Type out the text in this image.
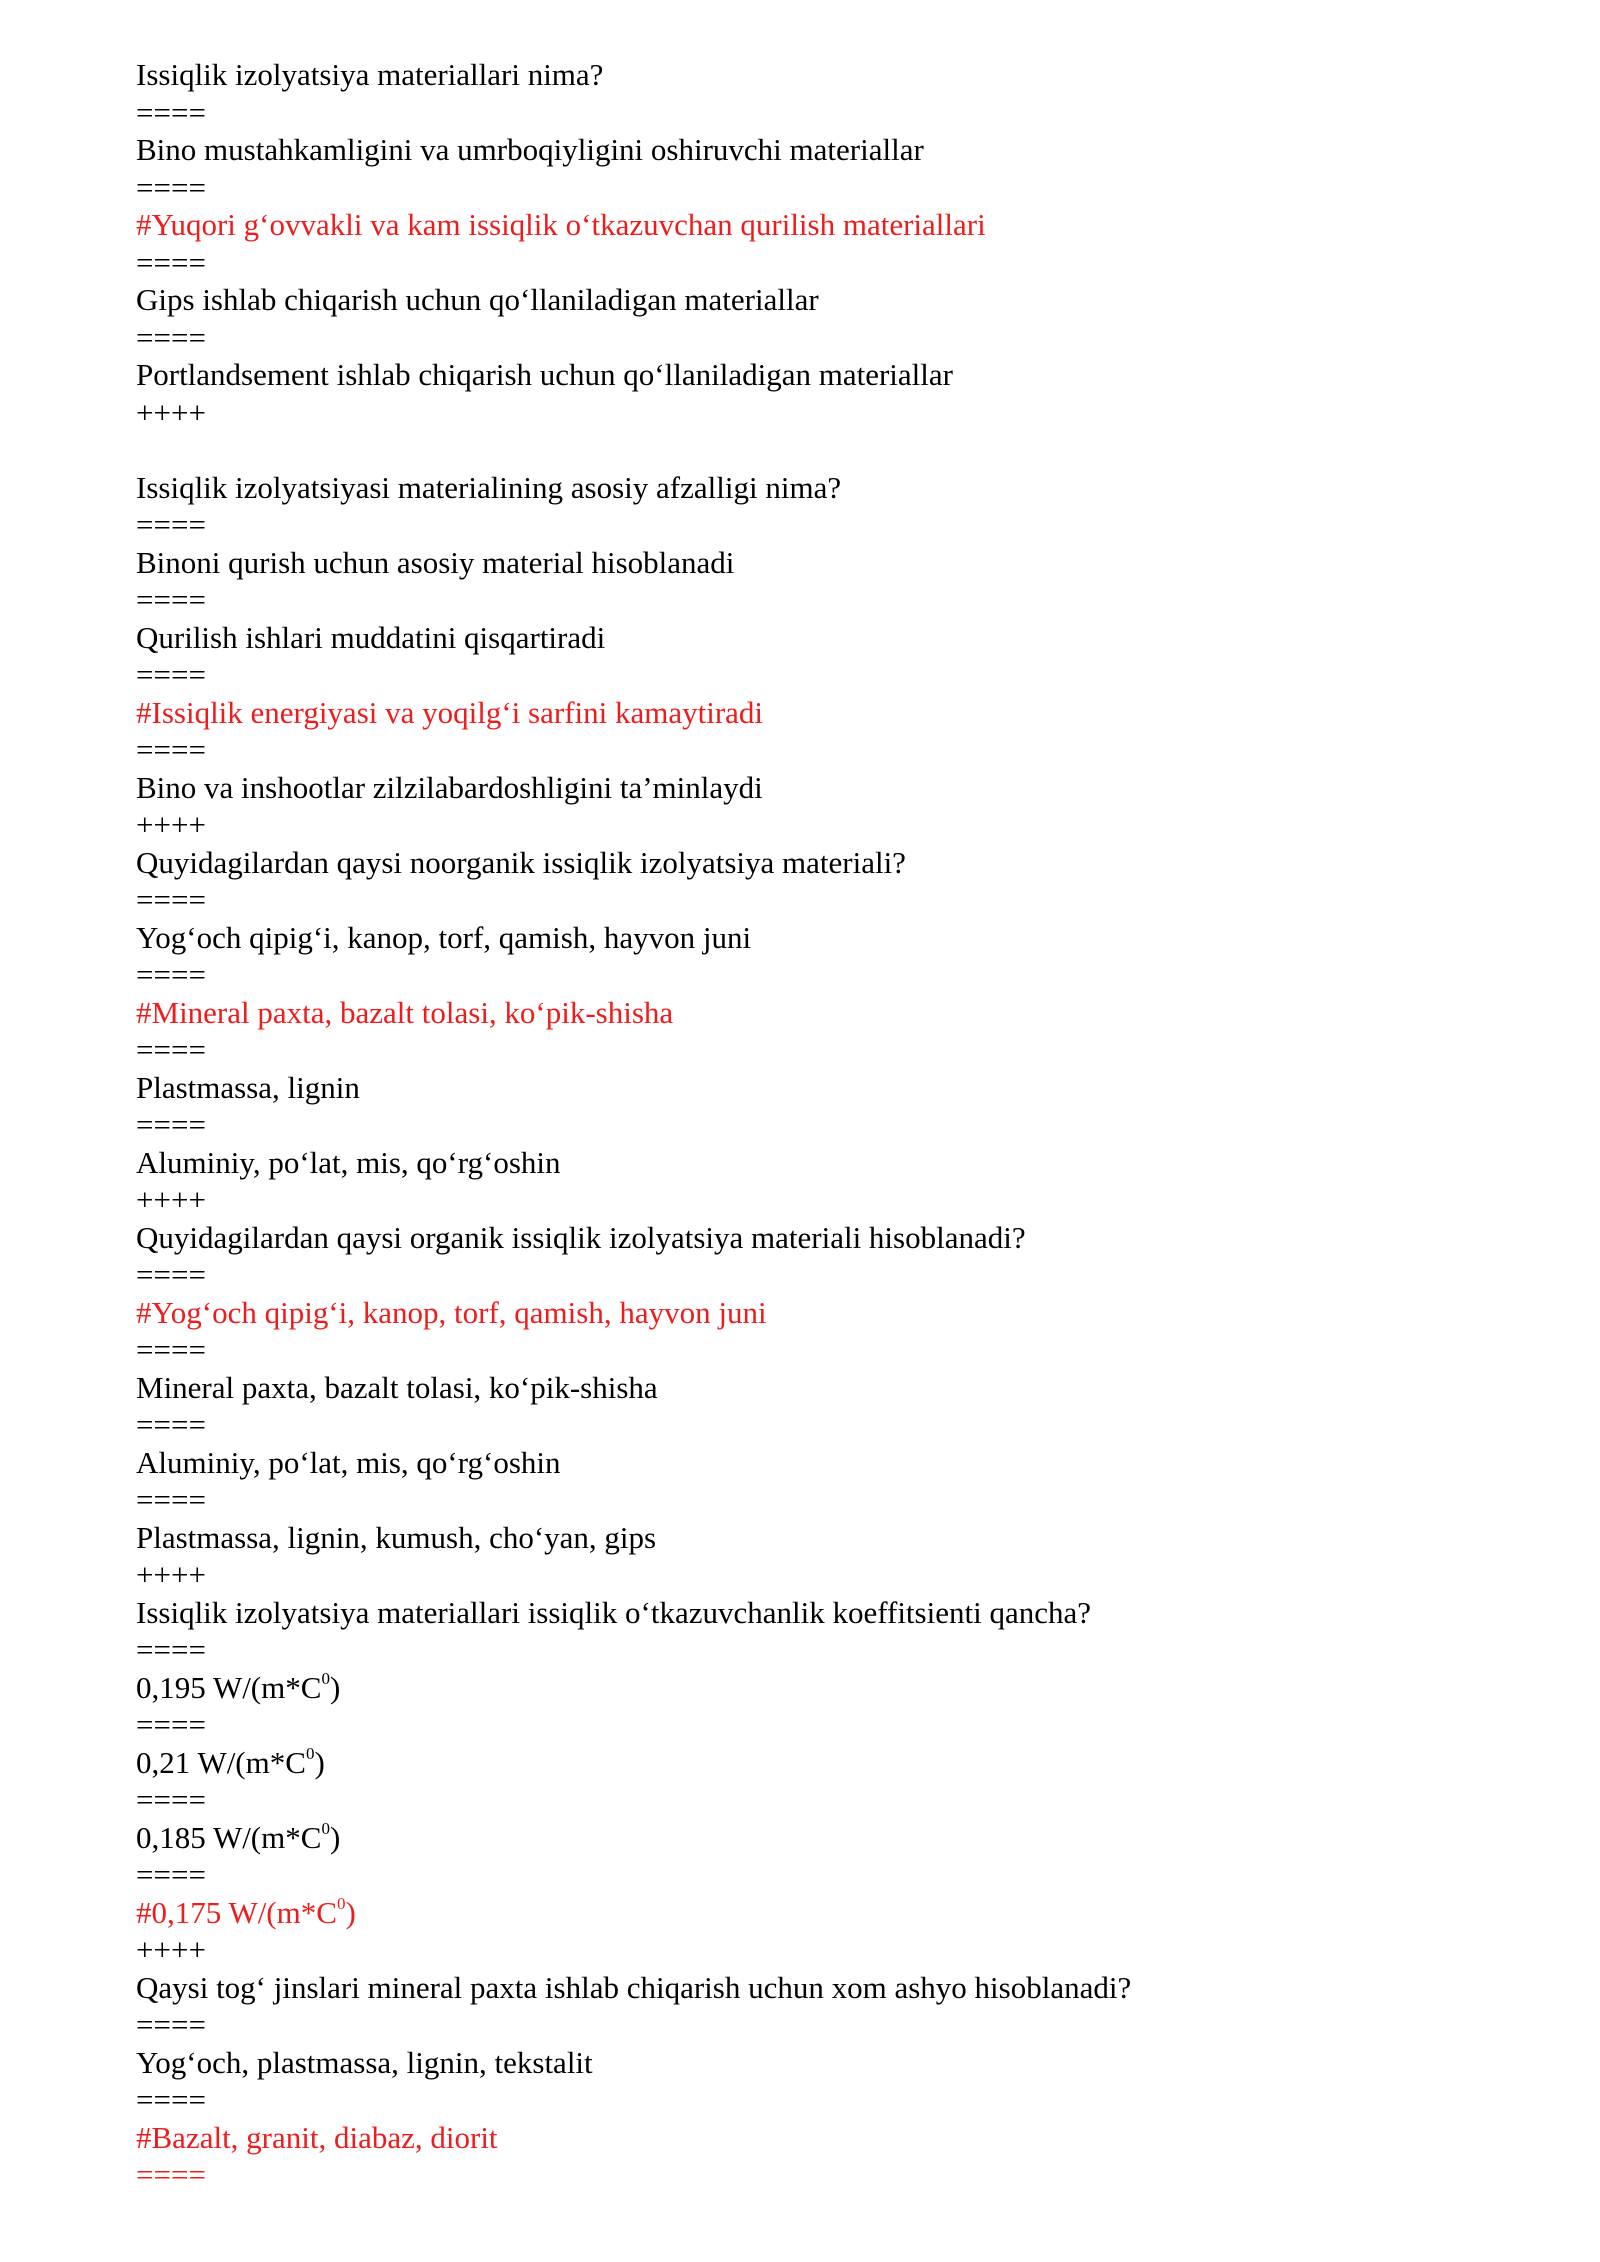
Issiqlik izolyatsiya materiallari nima?
====
Bino mustahkamligini va umrboqiyligini oshiruvchi materiallar
====
#Yuqori g‘ovvakli va kam issiqlik o‘tkazuvchan qurilish materiallari
====
Gips ishlab chiqarish uchun qo‘llaniladigan materiallar
====
Portlandsement ishlab chiqarish uchun qo‘llaniladigan materiallar
++++
Issiqlik izolyatsiyasi materialining asosiy afzalligi nima?
====
Binoni qurish uchun asosiy material hisoblanadi
====
Qurilish ishlari muddatini qisqartiradi
====
#Issiqlik energiyasi va yoqilg‘i sarfini kamaytiradi
====
Bino va inshootlar zilzilabardoshligini ta’minlaydi
++++
Quyidagilardan qaysi noorganik issiqlik izolyatsiya materiali?
====
Yog‘och qipig‘i, kanop, torf, qamish, hayvon juni
====
#Mineral paxta, bazalt tolasi, ko‘pik-shisha
====
Plastmassa, lignin
====
Aluminiy, po‘lat, mis, qo‘rg‘oshin
++++
Quyidagilardan qaysi organik issiqlik izolyatsiya materiali hisoblanadi?
====
#Yog‘och qipig‘i, kanop, torf, qamish, hayvon juni
====
Mineral paxta, bazalt tolasi, ko‘pik-shisha
====
Aluminiy, po‘lat, mis, qo‘rg‘oshin
====
Plastmassa, lignin, kumush, cho‘yan, gips
++++
Issiqlik izolyatsiya materiallari issiqlik o‘tkazuvchanlik koeffitsienti qancha?
====
0,195 $W/(m*C^0)$
====
0,21 $W/(m*C^0)$
====
0,185 $W/(m*C^0)$
====
#0,175 $W/(m*C^0)$
++++
Qaysi tog‘ jinslari mineral paxta ishlab chiqarish uchun xom ashyo hisoblanadi?
====
Yog‘och, plastmassa, lignin, tekstalit
====
#Bazalt, granit, diabaz, diorit
====
